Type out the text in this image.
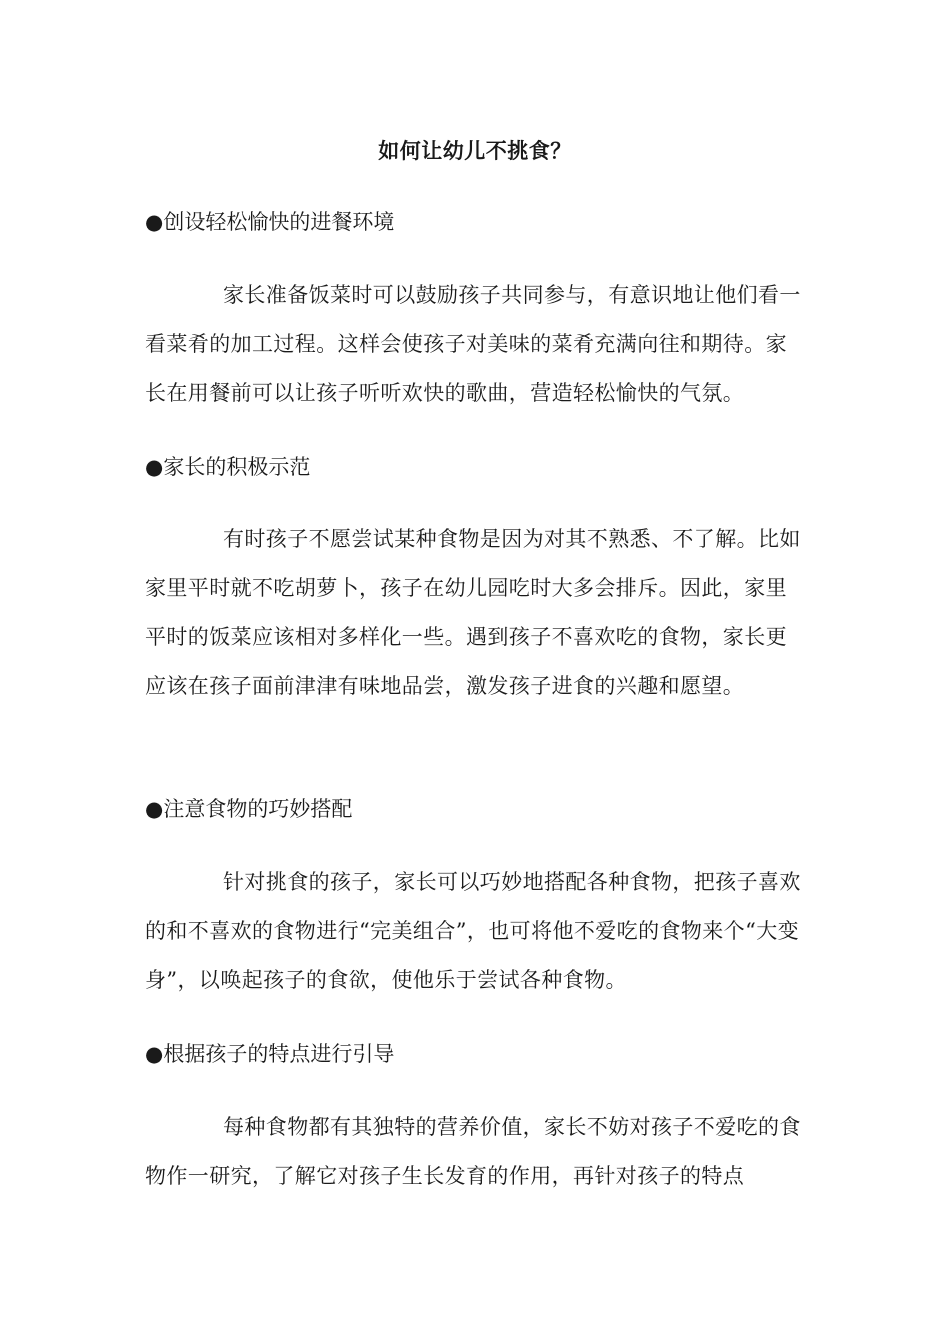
如何让幼儿不挑食？
●创设轻松愉快的进餐环境

家长准备饭菜时可以鼓励孩子共同参与，有意识地让他们看一看菜肴的加工过程。这样会使孩子对美味的菜肴充满向往和期待。家长在用餐前可以让孩子听听欢快的歌曲，营造轻松愉快的气氛。

●家长的积极示范

有时孩子不愿尝试某种食物是因为对其不熟悉、不了解。比如家里平时就不吃胡萝卜，孩子在幼儿园吃时大多会排斥。因此，家里平时的饭菜应该相对多样化一些。遇到孩子不喜欢吃的食物，家长更应该在孩子面前津津有味地品尝，激发孩子进食的兴趣和愿望。

●注意食物的巧妙搭配

针对挑食的孩子，家长可以巧妙地搭配各种食物，把孩子喜欢的和不喜欢的食物进行“完美组合”，也可将他不爱吃的食物来个“大变身”，以唤起孩子的食欲，使他乐于尝试各种食物。

●根据孩子的特点进行引导

每种食物都有其独特的营养价值，家长不妨对孩子不爱吃的食物作一研究，了解它对孩子生长发育的作用，再针对孩子的特点
